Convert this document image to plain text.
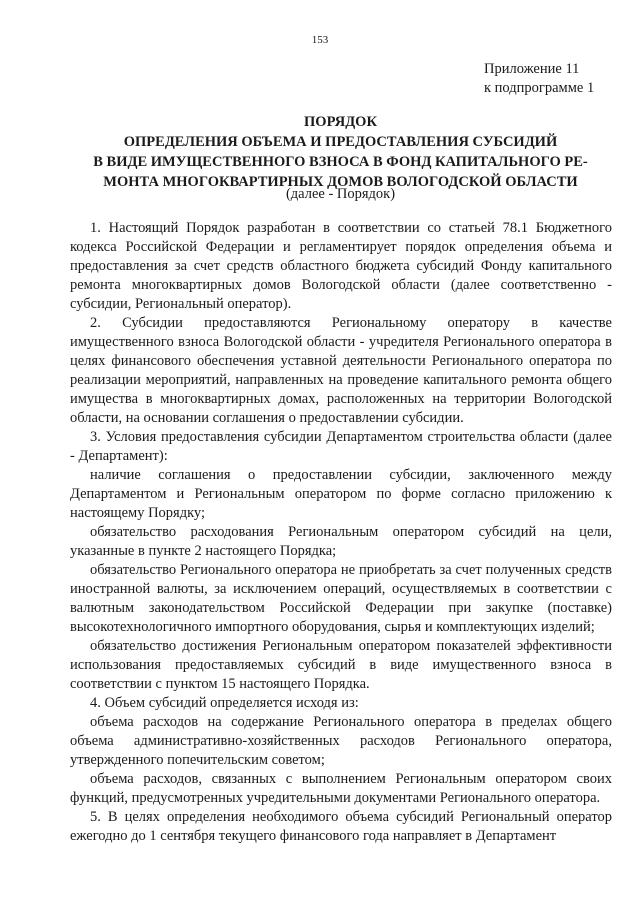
153
Приложение 11
к подпрограмме 1
ПОРЯДОК
ОПРЕДЕЛЕНИЯ ОБЪЕМА И ПРЕДОСТАВЛЕНИЯ СУБСИДИЙ
В ВИДЕ ИМУЩЕСТВЕННОГО ВЗНОСА В ФОНД КАПИТАЛЬНОГО РЕ-
МОНТА МНОГОКВАРТИРНЫХ ДОМОВ ВОЛОГОДСКОЙ ОБЛАСТИ
(далее - Порядок)

1. Настоящий Порядок разработан в соответствии со статьей 78.1 Бюджетного кодекса Российской Федерации и регламентирует порядок определения объема и предоставления за счет средств областного бюджета субсидий Фонду капитального ремонта многоквартирных домов Вологодской области (далее соответственно - субсидии, Региональный оператор).

2. Субсидии предоставляются Региональному оператору в качестве имущественного взноса Вологодской области - учредителя Регионального оператора в целях финансового обеспечения уставной деятельности Регионального оператора по реализации мероприятий, направленных на проведение капитального ремонта общего имущества в многоквартирных домах, расположенных на территории Вологодской области, на основании соглашения о предоставлении субсидии.

3. Условия предоставления субсидии Департаментом строительства области (далее - Департамент):

наличие соглашения о предоставлении субсидии, заключенного между Департаментом и Региональным оператором по форме согласно приложению к настоящему Порядку;

обязательство расходования Региональным оператором субсидий на цели, указанные в пункте 2 настоящего Порядка;

обязательство Регионального оператора не приобретать за счет полученных средств иностранной валюты, за исключением операций, осуществляемых в соответствии с валютным законодательством Российской Федерации при закупке (поставке) высокотехнологичного импортного оборудования, сырья и комплектующих изделий;

обязательство достижения Региональным оператором показателей эффективности использования предоставляемых субсидий в виде имущественного взноса в соответствии с пунктом 15 настоящего Порядка.

4. Объем субсидий определяется исходя из:

объема расходов на содержание Регионального оператора в пределах общего объема административно-хозяйственных расходов Регионального оператора, утвержденного попечительским советом;

объема расходов, связанных с выполнением Региональным оператором своих функций, предусмотренных учредительными документами Регионального оператора.

5. В целях определения необходимого объема субсидий Региональный оператор ежегодно до 1 сентября текущего финансового года направляет в Департамент
